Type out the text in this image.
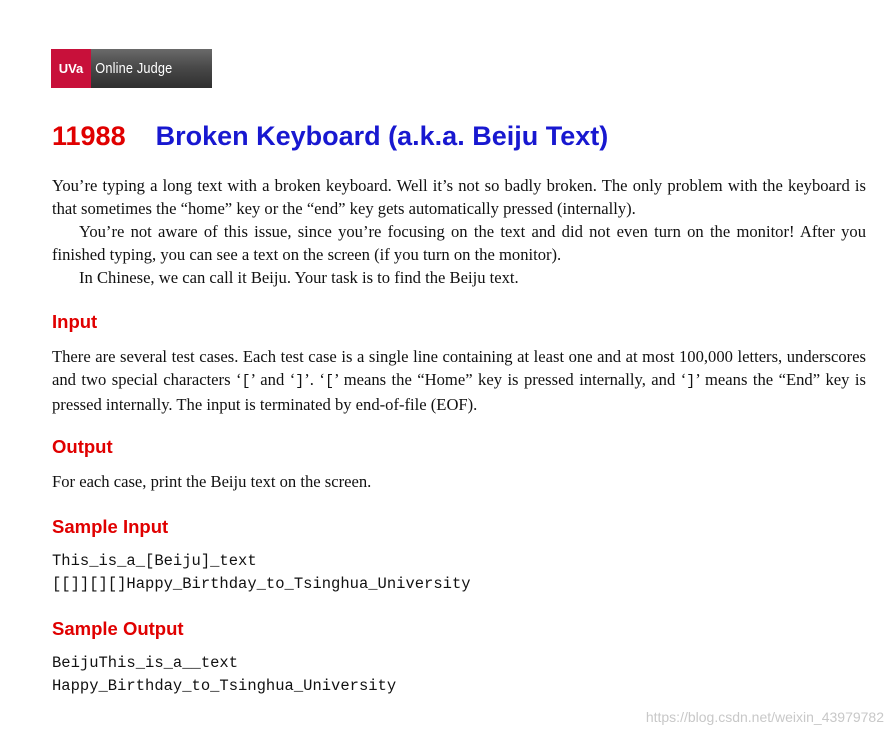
UVa Online Judge
11988 Broken Keyboard (a.k.a. Beiju Text)

You’re typing a long text with a broken keyboard. Well it’s not so badly broken. The only problem with the keyboard is that sometimes the “home” key or the “end” key gets automatically pressed (internally).

You’re not aware of this issue, since you’re focusing on the text and did not even turn on the monitor! After you finished typing, you can see a text on the screen (if you turn on the monitor).

In Chinese, we can call it Beiju. Your task is to find the Beiju text.

Input

There are several test cases. Each test case is a single line containing at least one and at most 100,000 letters, underscores and two special characters ‘[’ and ‘]’. ‘[’ means the “Home” key is pressed internally, and ‘]’ means the “End” key is pressed internally. The input is terminated by end-of-file (EOF).

Output

For each case, print the Beiju text on the screen.

Sample Input
This_is_a_[Beiju]_text
[[]][][]Happy_Birthday_to_Tsinghua_University
Sample Output
BeijuThis_is_a__text
Happy_Birthday_to_Tsinghua_University
https://blog.csdn.net/weixin_43979782
